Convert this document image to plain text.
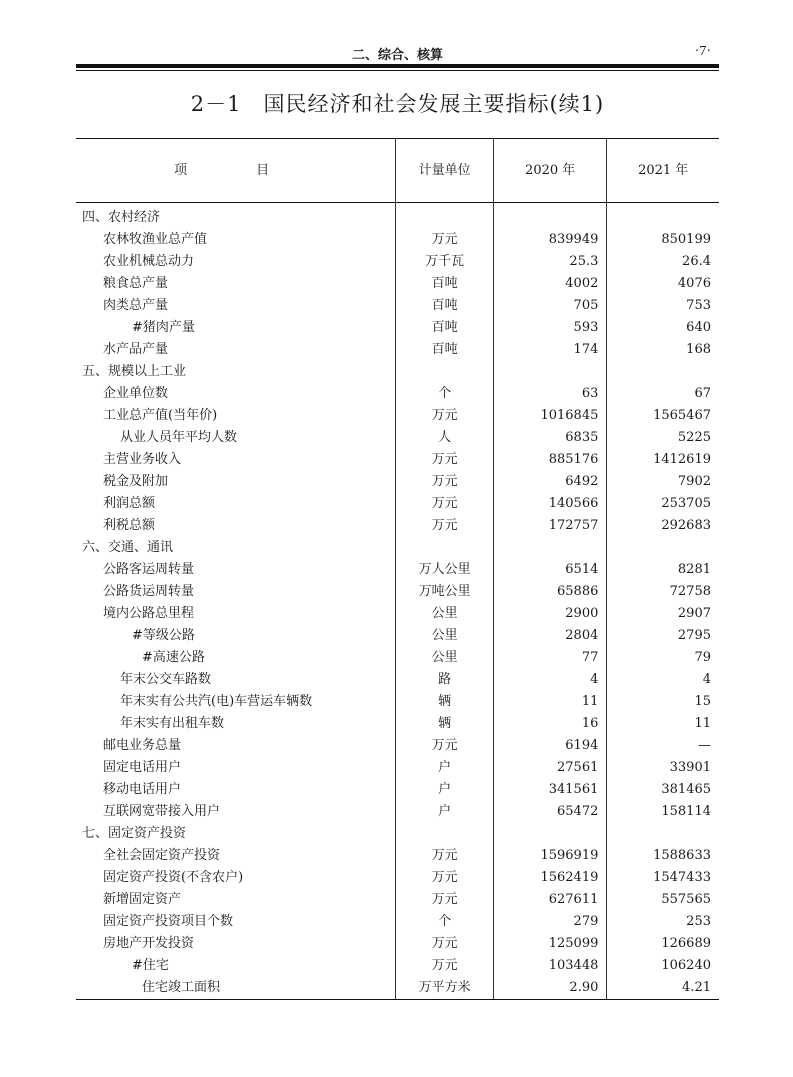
二、综合、核算	·7·
2－1　国民经济和社会发展主要指标(续1)
项　目	计量单位	2020 年	2021 年
四、农村经济			
农林牧渔业总产值	万元	839949	850199
农业机械总动力	万千瓦	25.3	26.4
粮食总产量	百吨	4002	4076
肉类总产量	百吨	705	753
#猪肉产量	百吨	593	640
水产品产量	百吨	174	168
五、规模以上工业			
企业单位数	个	63	67
工业总产值(当年价)	万元	1016845	1565467
从业人员年平均人数	人	6835	5225
主营业务收入	万元	885176	1412619
税金及附加	万元	6492	7902
利润总额	万元	140566	253705
利税总额	万元	172757	292683
六、交通、通讯			
公路客运周转量	万人公里	6514	8281
公路货运周转量	万吨公里	65886	72758
境内公路总里程	公里	2900	2907
#等级公路	公里	2804	2795
#高速公路	公里	77	79
年末公交车路数	路	4	4
年末实有公共汽(电)车营运车辆数	辆	11	15
年末实有出租车数	辆	16	11
邮电业务总量	万元	6194	—
固定电话用户	户	27561	33901
移动电话用户	户	341561	381465
互联网宽带接入用户	户	65472	158114
七、固定资产投资			
全社会固定资产投资	万元	1596919	1588633
固定资产投资(不含农户)	万元	1562419	1547433
新增固定资产	万元	627611	557565
固定资产投资项目个数	个	279	253
房地产开发投资	万元	125099	126689
#住宅	万元	103448	106240
住宅竣工面积	万平方米	2.90	4.21
